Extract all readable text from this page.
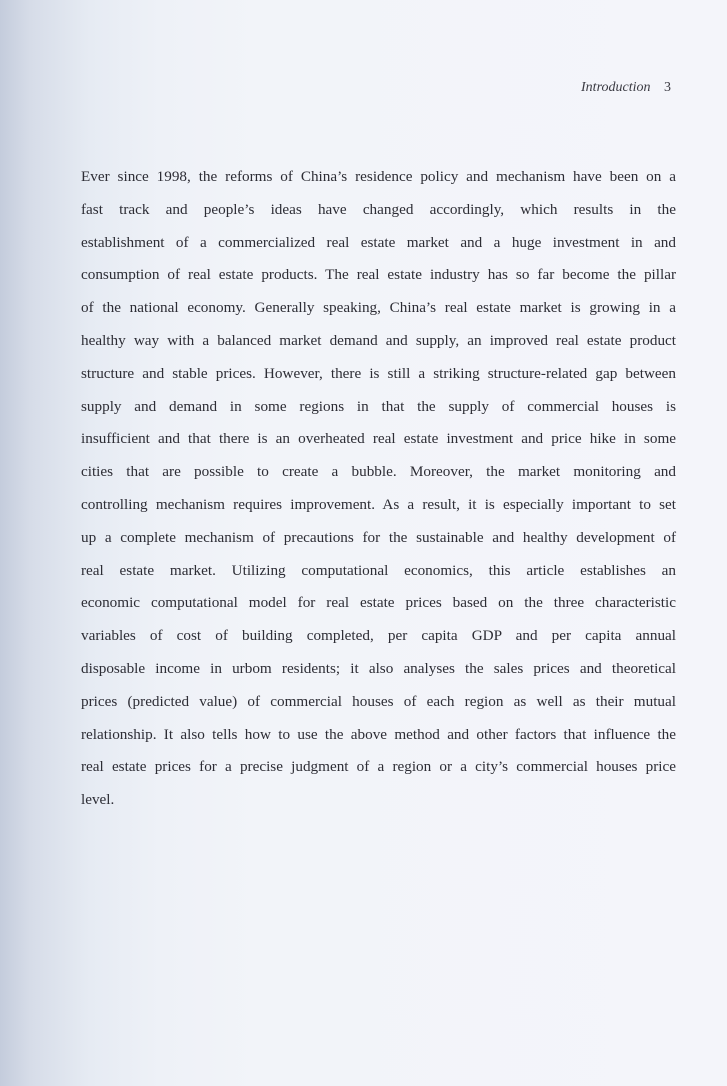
Introduction 3
Ever since 1998, the reforms of China’s residence policy and mechanism have been on a
fast track and people’s ideas have changed accordingly, which results in the
establishment of a commercialized real estate market and a huge investment in and
consumption of real estate products. The real estate industry has so far become the pillar
of the national economy. Generally speaking, China’s real estate market is growing in a
healthy way with a balanced market demand and supply, an improved real estate product
structure and stable prices. However, there is still a striking structure-related gap between
supply and demand in some regions in that the supply of commercial houses is
insufficient and that there is an overheated real estate investment and price hike in some
cities that are possible to create a bubble. Moreover, the market monitoring and
controlling mechanism requires improvement. As a result, it is especially important to set
up a complete mechanism of precautions for the sustainable and healthy development of
real estate market. Utilizing computational economics, this article establishes an
economic computational model for real estate prices based on the three characteristic
variables of cost of building completed, per capita GDP and per capita annual
disposable income in urbom residents; it also analyses the sales prices and theoretical
prices (predicted value) of commercial houses of each region as well as their mutual
relationship. It also tells how to use the above method and other factors that influence the
real estate prices for a precise judgment of a region or a city’s commercial houses price
level.
